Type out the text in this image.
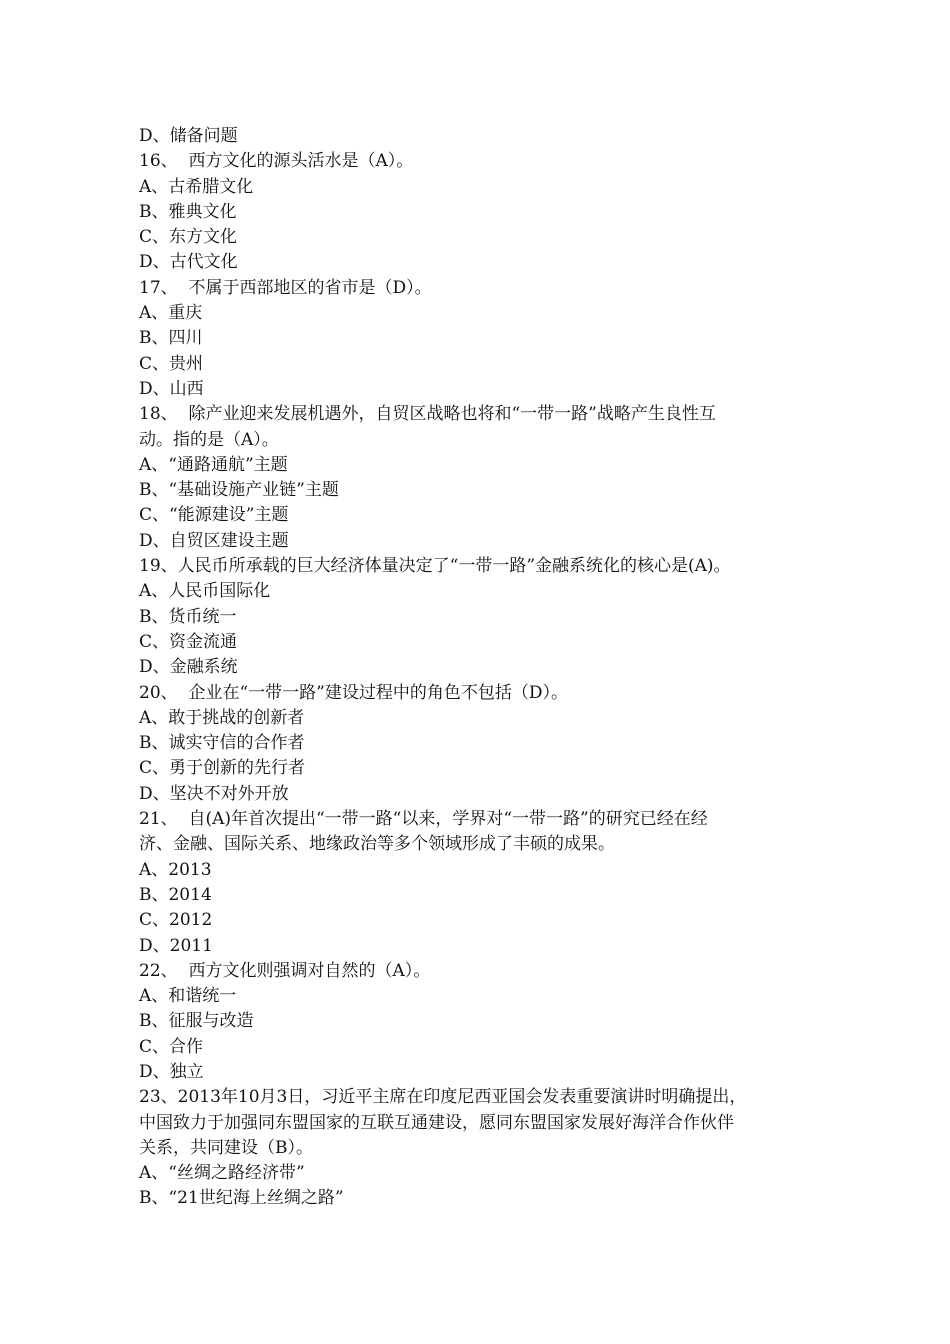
D、储备问题
16、  西方文化的源头活水是（A）。
A、古希腊文化
B、雅典文化
C、东方文化
D、古代文化
17、  不属于西部地区的省市是（D）。
A、重庆
B、四川
C、贵州
D、山西
18、  除产业迎来发展机遇外，自贸区战略也将和“一带一路”战略产生良性互
动。指的是（A）。
A、“通路通航”主题
B、“基础设施产业链”主题
C、“能源建设”主题
D、自贸区建设主题
19、人民币所承载的巨大经济体量决定了“一带一路”金融系统化的核心是(A)。
A、人民币国际化
B、货币统一
C、资金流通
D、金融系统
20、  企业在“一带一路”建设过程中的角色不包括（D）。
A、敢于挑战的创新者
B、诚实守信的合作者
C、勇于创新的先行者
D、坚决不对外开放
21、  自(A)年首次提出“一带一路“以来，学界对“一带一路”的研究已经在经
济、金融、国际关系、地缘政治等多个领域形成了丰硕的成果。
A、2013
B、2014
C、2012
D、2011
22、  西方文化则强调对自然的（A）。
A、和谐统一
B、征服与改造
C、合作
D、独立
23、2013年10月3日，习近平主席在印度尼西亚国会发表重要演讲时明确提出，
中国致力于加强同东盟国家的互联互通建设，愿同东盟国家发展好海洋合作伙伴
关系，共同建设（B）。
A、“丝绸之路经济带”
B、“21世纪海上丝绸之路”
